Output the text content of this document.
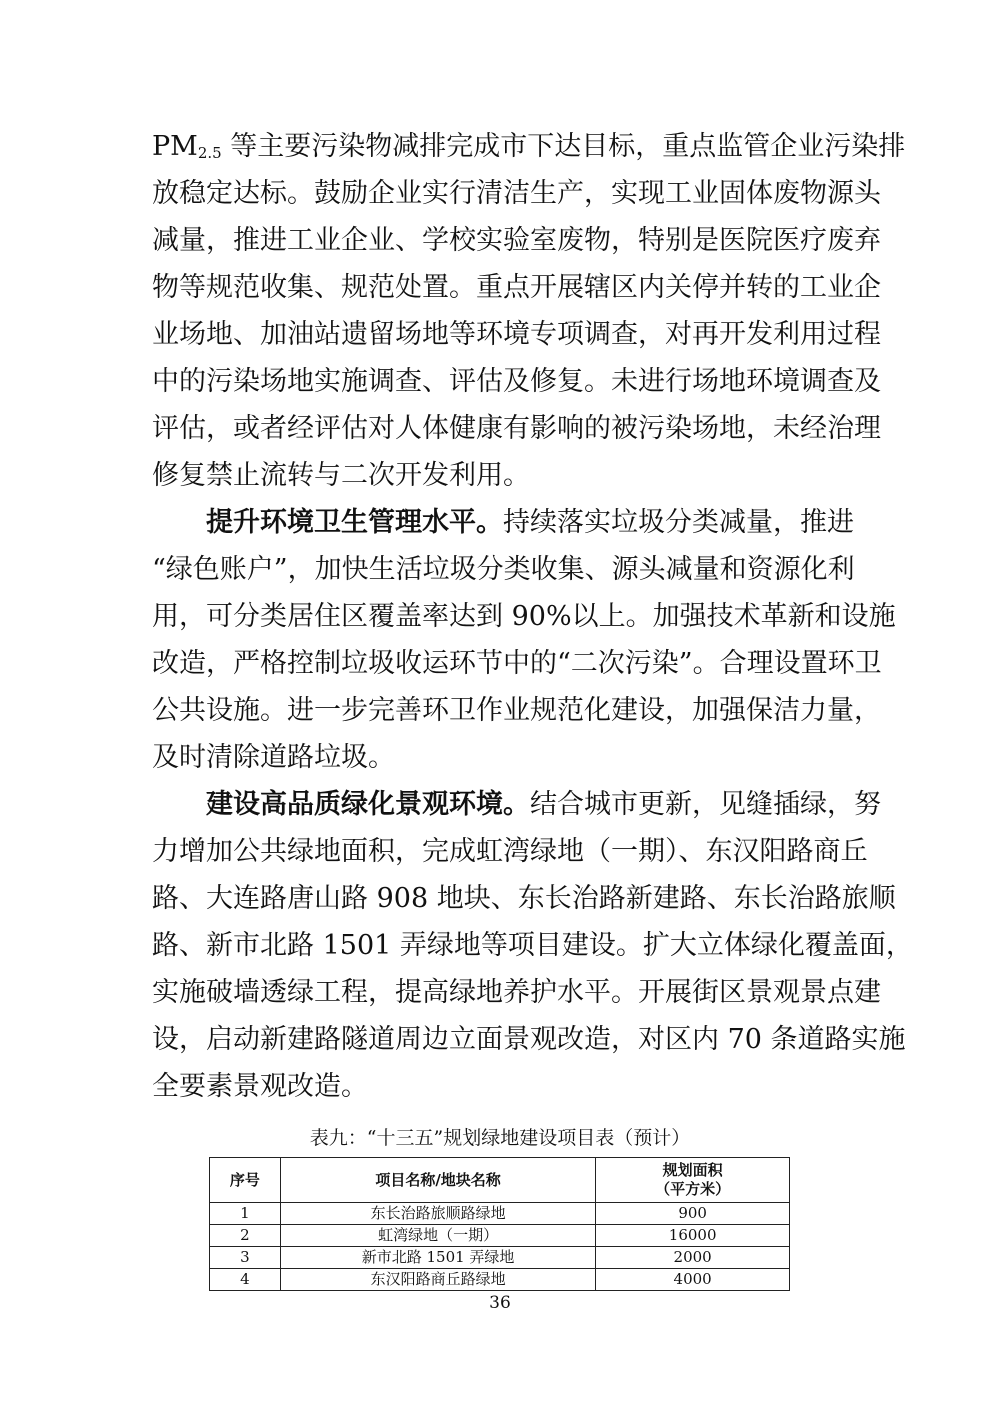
$PM_{2.5}$ 等主要污染物减排完成市下达目标，重点监管企业污染排
放稳定达标。鼓励企业实行清洁生产，实现工业固体废物源头
减量，推进工业企业、学校实验室废物，特别是医院医疗废弃
物等规范收集、规范处置。重点开展辖区内关停并转的工业企
业场地、加油站遗留场地等环境专项调查，对再开发利用过程
中的污染场地实施调查、评估及修复。未进行场地环境调查及
评估，或者经评估对人体健康有影响的被污染场地，未经治理
修复禁止流转与二次开发利用。
提升环境卫生管理水平。持续落实垃圾分类减量，推进
“绿色账户”，加快生活垃圾分类收集、源头减量和资源化利
用，可分类居住区覆盖率达到 90%以上。加强技术革新和设施
改造，严格控制垃圾收运环节中的“二次污染”。合理设置环卫
公共设施。进一步完善环卫作业规范化建设，加强保洁力量，
及时清除道路垃圾。
建设高品质绿化景观环境。结合城市更新，见缝插绿，努
力增加公共绿地面积，完成虹湾绿地（一期）、东汉阳路商丘
路、大连路唐山路 908 地块、东长治路新建路、东长治路旅顺
路、新市北路 1501 弄绿地等项目建设。扩大立体绿化覆盖面，
实施破墙透绿工程，提高绿地养护水平。开展街区景观景点建
设，启动新建路隧道周边立面景观改造，对区内 70 条道路实施
全要素景观改造。
表九：“十三五”规划绿地建设项目表（预计）
序号	项目名称/地块名称	规划面积
（平方米）

1	东长治路旅顺路绿地	900
2	虹湾绿地（一期）	16000
3	新市北路 1501 弄绿地	2000
4	东汉阳路商丘路绿地	4000
36
